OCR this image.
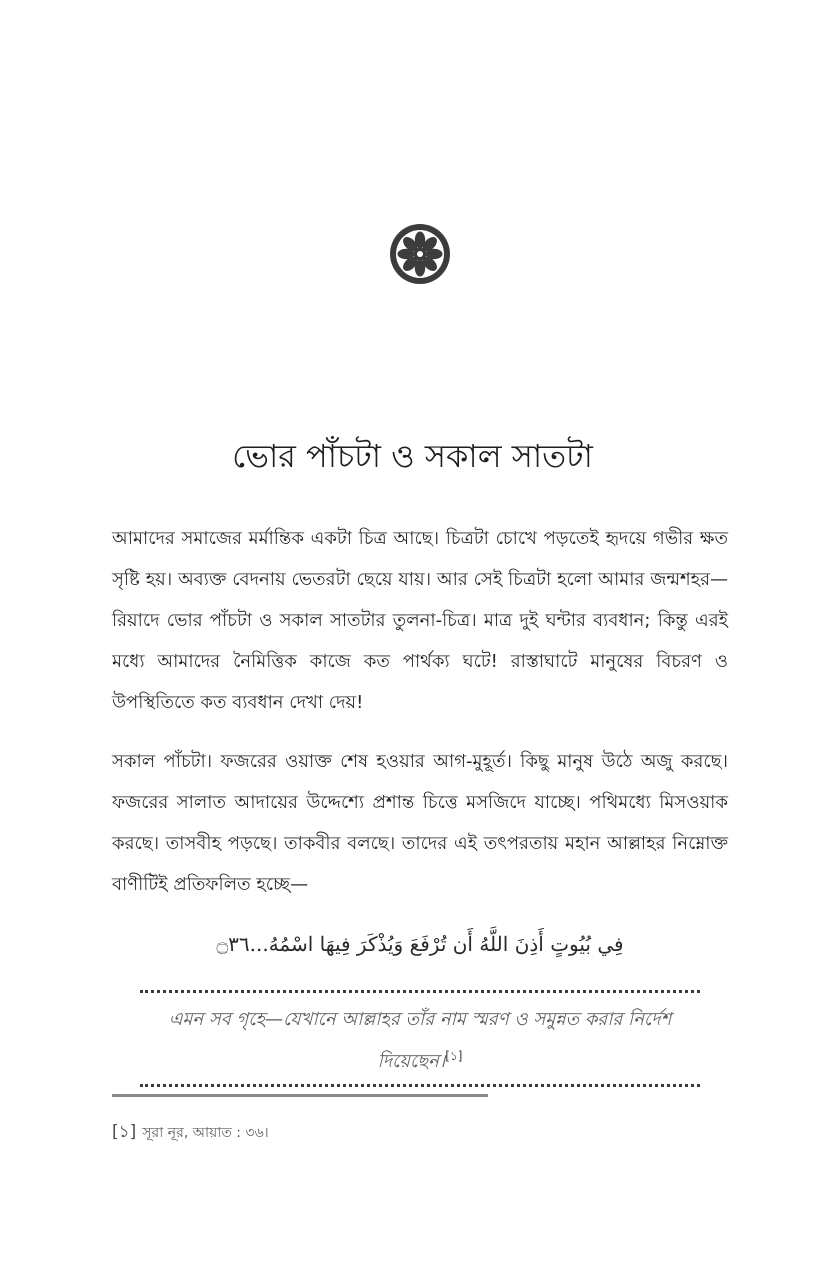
ভোর পাঁচটা ও সকাল সাতটা

আমাদের সমাজের মর্মান্তিক একটা চিত্র আছে। চিত্রটা চোখে পড়তেই হৃদয়ে গভীর ক্ষত সৃষ্টি হয়। অব্যক্ত বেদনায় ভেতরটা ছেয়ে যায়। আর সেই চিত্রটা হলো আমার জন্মশহর—রিয়াদে ভোর পাঁচটা ও সকাল সাতটার তুলনা-চিত্র। মাত্র দুই ঘন্টার ব্যবধান; কিন্তু এরই মধ্যে আমাদের নৈমিত্তিক কাজে কত পার্থক্য ঘটে! রাস্তাঘাটে মানুষের বিচরণ ও উপস্থিতিতে কত ব্যবধান দেখা দেয়!

সকাল পাঁচটা। ফজরের ওয়াক্ত শেষ হওয়ার আগ-মুহূর্ত। কিছু মানুষ উঠে অজু করছে। ফজরের সালাত আদায়ের উদ্দেশ্যে প্রশান্ত চিত্তে মসজিদে যাচ্ছে। পথিমধ্যে মিসওয়াক করছে। তাসবীহ পড়ছে। তাকবীর বলছে। তাদের এই তৎপরতায় মহান আল্লাহর নিম্নোক্ত বাণীটিই প্রতিফলিত হচ্ছে—

فِي بُيُوتٍ أَذِنَ اللَّهُ أَن تُرْفَعَ وَيُذْكَرَ فِيهَا اسْمُهُ...۝٣٦

এমন সব গৃহে—যেখানে আল্লাহর তাঁর নাম স্মরণ ও সমুন্নত করার নির্দেশ দিয়েছেন।[১]

[১] সূরা নূর, আয়াত : ৩৬।
